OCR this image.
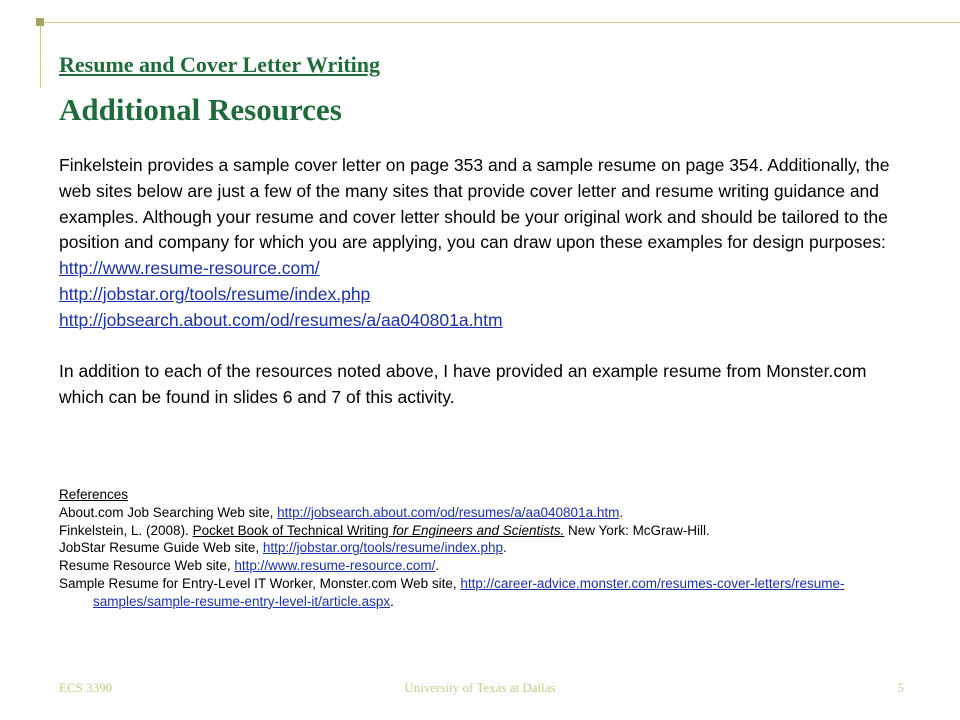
Resume and Cover Letter Writing
Additional Resources

Finkelstein provides a sample cover letter on page 353 and a sample resume on page 354. Additionally, the web sites below are just a few of the many sites that provide cover letter and resume writing guidance and examples. Although your resume and cover letter should be your original work and should be tailored to the position and company for which you are applying, you can draw upon these examples for design purposes:

http://www.resume-resource.com/
http://jobstar.org/tools/resume/index.php
http://jobsearch.about.com/od/resumes/a/aa040801a.htm

In addition to each of the resources noted above, I have provided an example resume from Monster.com which can be found in slides 6 and 7 of this activity.

References

About.com Job Searching Web site, http://jobsearch.about.com/od/resumes/a/aa040801a.htm.

Finkelstein, L. (2008). Pocket Book of Technical Writing for Engineers and Scientists. New York: McGraw-Hill.

JobStar Resume Guide Web site, http://jobstar.org/tools/resume/index.php.

Resume Resource Web site, http://www.resume-resource.com/.

Sample Resume for Entry-Level IT Worker, Monster.com Web site, http://career-advice.monster.com/resumes-cover-letters/resume-samples/sample-resume-entry-level-it/article.aspx.

ECS 3390	University of Texas at Dallas	5
